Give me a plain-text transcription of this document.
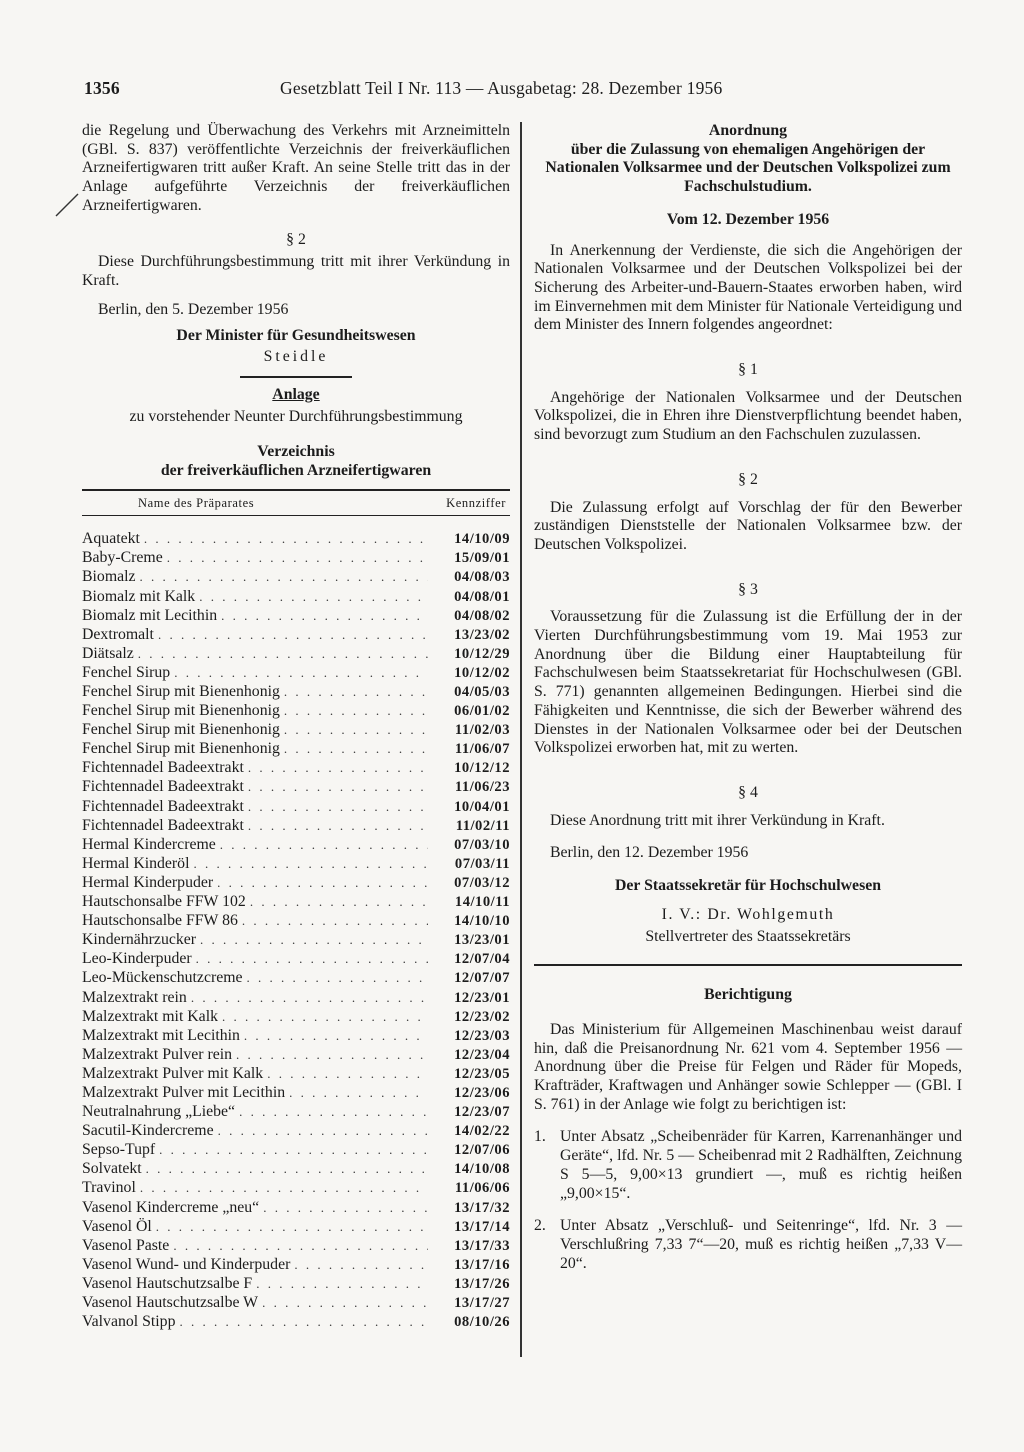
1356	Gesetzblatt Teil I Nr. 113 — Ausgabetag: 28. Dezember 1956

die Regelung und Überwachung des Verkehrs mit Arzneimitteln (GBl. S. 837) veröffentlichte Verzeichnis der freiverkäuflichen Arzneifertigwaren tritt außer Kraft. An seine Stelle tritt das in der Anlage aufgeführte Verzeichnis der freiverkäuflichen Arzneifertigwaren.

§ 2

Diese Durchführungsbestimmung tritt mit ihrer Verkündung in Kraft.

Berlin, den 5. Dezember 1956

Der Minister für Gesundheitswesen

Steidle

Anlage

zu vorstehender Neunter Durchführungsbestimmung

Verzeichnis

der freiverkäuflichen Arzneifertigwaren

Name des Präparates	Kennziffer
Aquatekt . . .	14/10/09
Baby-Creme . . .	15/09/01
Biomalz . . .	04/08/03
Biomalz mit Kalk . . .	04/08/01
Biomalz mit Lecithin . . .	04/08/02
Dextromalt . . .	13/23/02
Diätsalz . . .	10/12/29
Fenchel Sirup . . .	10/12/02
Fenchel Sirup mit Bienenhonig . . .	04/05/03
Fenchel Sirup mit Bienenhonig . . .	06/01/02
Fenchel Sirup mit Bienenhonig . . .	11/02/03
Fenchel Sirup mit Bienenhonig . . .	11/06/07
Fichtennadel Badeextrakt . . .	10/12/12
Fichtennadel Badeextrakt . . .	11/06/23
Fichtennadel Badeextrakt . . .	10/04/01
Fichtennadel Badeextrakt . . .	11/02/11
Hermal Kindercreme . . .	07/03/10
Hermal Kinderöl . . .	07/03/11
Hermal Kinderpuder . . .	07/03/12
Hautschonsalbe FFW 102 . . .	14/10/11
Hautschonsalbe FFW 86 . . .	14/10/10
Kindernährzucker . . .	13/23/01
Leo-Kinderpuder . . .	12/07/04
Leo-Mückenschutzcreme . . .	12/07/07
Malzextrakt rein . . .	12/23/01
Malzextrakt mit Kalk . . .	12/23/02
Malzextrakt mit Lecithin . . .	12/23/03
Malzextrakt Pulver rein . . .	12/23/04
Malzextrakt Pulver mit Kalk . . .	12/23/05
Malzextrakt Pulver mit Lecithin . . .	12/23/06
Neutralnahrung „Liebe“ . . .	12/23/07
Sacutil-Kindercreme . . .	14/02/22
Sepso-Tupf . . .	12/07/06
Solvatekt . . .	14/10/08
Travinol . . .	11/06/06
Vasenol Kindercreme „neu“ . . .	13/17/32
Vasenol Öl . . .	13/17/14
Vasenol Paste . . .	13/17/33
Vasenol Wund- und Kinderpuder . . .	13/17/16
Vasenol Hautschutzsalbe F . . .	13/17/26
Vasenol Hautschutzsalbe W . . .	13/17/27
Valvanol Stipp . . .	08/10/26

Anordnung

über die Zulassung von ehemaligen Angehörigen der Nationalen Volksarmee und der Deutschen Volkspolizei zum Fachschulstudium.

Vom 12. Dezember 1956

In Anerkennung der Verdienste, die sich die Angehörigen der Nationalen Volksarmee und der Deutschen Volkspolizei bei der Sicherung des Arbeiter-und-Bauern-Staates erworben haben, wird im Einvernehmen mit dem Minister für Nationale Verteidigung und dem Minister des Innern folgendes angeordnet:

§ 1

Angehörige der Nationalen Volksarmee und der Deutschen Volkspolizei, die in Ehren ihre Dienstverpflichtung beendet haben, sind bevorzugt zum Studium an den Fachschulen zuzulassen.

§ 2

Die Zulassung erfolgt auf Vorschlag der für den Bewerber zuständigen Dienststelle der Nationalen Volksarmee bzw. der Deutschen Volkspolizei.

§ 3

Voraussetzung für die Zulassung ist die Erfüllung der in der Vierten Durchführungsbestimmung vom 19. Mai 1953 zur Anordnung über die Bildung einer Hauptabteilung für Fachschulwesen beim Staatssekretariat für Hochschulwesen (GBl. S. 771) genannten allgemeinen Bedingungen. Hierbei sind die Fähigkeiten und Kenntnisse, die sich der Bewerber während des Dienstes in der Nationalen Volksarmee oder bei der Deutschen Volkspolizei erworben hat, mit zu werten.

§ 4

Diese Anordnung tritt mit ihrer Verkündung in Kraft.

Berlin, den 12. Dezember 1956

Der Staatssekretär für Hochschulwesen

I. V.: Dr. Wohlgemuth

Stellvertreter des Staatssekretärs

Berichtigung

Das Ministerium für Allgemeinen Maschinenbau weist darauf hin, daß die Preisanordnung Nr. 621 vom 4. September 1956 — Anordnung über die Preise für Felgen und Räder für Mopeds, Krafträder, Kraftwagen und Anhänger sowie Schlepper — (GBl. I S. 761) in der Anlage wie folgt zu berichtigen ist:

1. Unter Absatz „Scheibenräder für Karren, Karrenanhänger und Geräte“, lfd. Nr. 5 — Scheibenrad mit 2 Radhälften, Zeichnung S 5—5, 9,00×13 grundiert —, muß es richtig heißen „9,00×15“.
2. Unter Absatz „Verschluß- und Seitenringe“, lfd. Nr. 3 — Verschlußring 7,33 7“—20, muß es richtig heißen „7,33 V—20“.
